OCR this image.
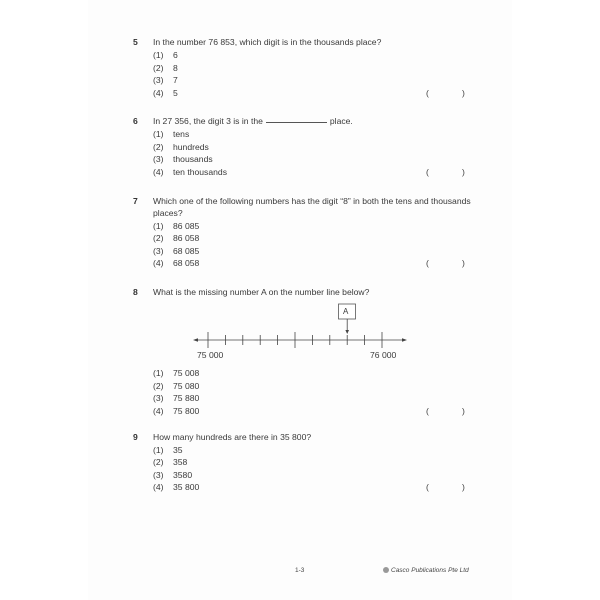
5 In the number 76 853, which digit is in the thousands place?
(1) 6
(2) 8
(3) 7
(4) 5	(	)
6 In 27 356, the digit 3 is in the	place.
(1) tens
(2) hundreds
(3) thousands
(4) ten thousands	(	)
7 Which one of the following numbers has the digit “8” in both the tens and thousands
places?
(1) 86 085
(2) 86 058
(3) 68 085
(4) 68 058	(	)
8 What is the missing number A on the number line below?
A
75 000	76 000
(1) 75 008
(2) 75 080
(3) 75 880
(4) 75 800	(	)
9 How many hundreds are there in 35 800?
(1) 35
(2) 358
(3) 3580
(4) 35 800	(	)
1-3	Casco Publications Pte Ltd
